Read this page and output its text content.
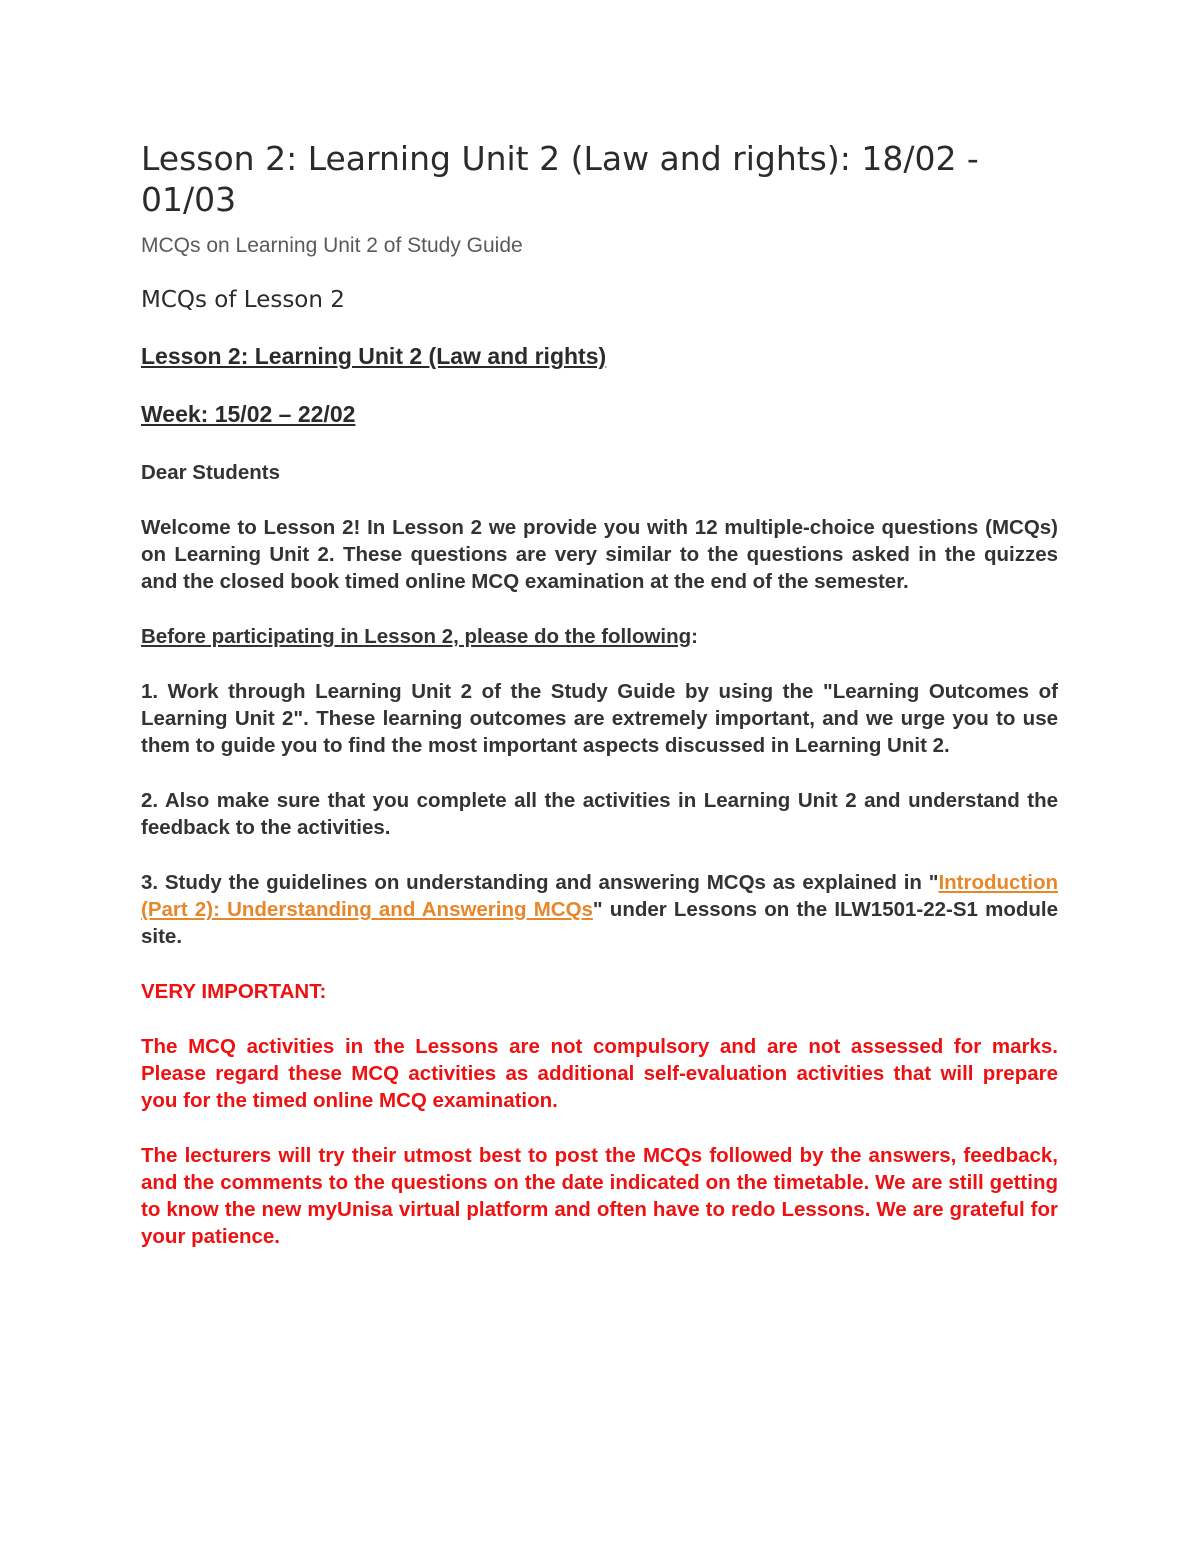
Lesson 2: Learning Unit 2 (Law and rights): 18/02 - 01/03
MCQs on Learning Unit 2 of Study Guide
MCQs of Lesson 2
Lesson 2: Learning Unit 2 (Law and rights)
Week: 15/02 – 22/02

Dear Students

Welcome to Lesson 2! In Lesson 2 we provide you with 12 multiple-choice questions (MCQs) on Learning Unit 2. These questions are very similar to the questions asked in the quizzes and the closed book timed online MCQ examination at the end of the semester.

Before participating in Lesson 2, please do the following:

1. Work through Learning Unit 2 of the Study Guide by using the "Learning Outcomes of Learning Unit 2". These learning outcomes are extremely important, and we urge you to use them to guide you to find the most important aspects discussed in Learning Unit 2.

2. Also make sure that you complete all the activities in Learning Unit 2 and understand the feedback to the activities.

3. Study the guidelines on understanding and answering MCQs as explained in "Introduction (Part 2): Understanding and Answering MCQs" under Lessons on the ILW1501-22-S1 module site.

VERY IMPORTANT:

The MCQ activities in the Lessons are not compulsory and are not assessed for marks. Please regard these MCQ activities as additional self-evaluation activities that will prepare you for the timed online MCQ examination.

The lecturers will try their utmost best to post the MCQs followed by the answers, feedback, and the comments to the questions on the date indicated on the timetable. We are still getting to know the new myUnisa virtual platform and often have to redo Lessons. We are grateful for your patience.
